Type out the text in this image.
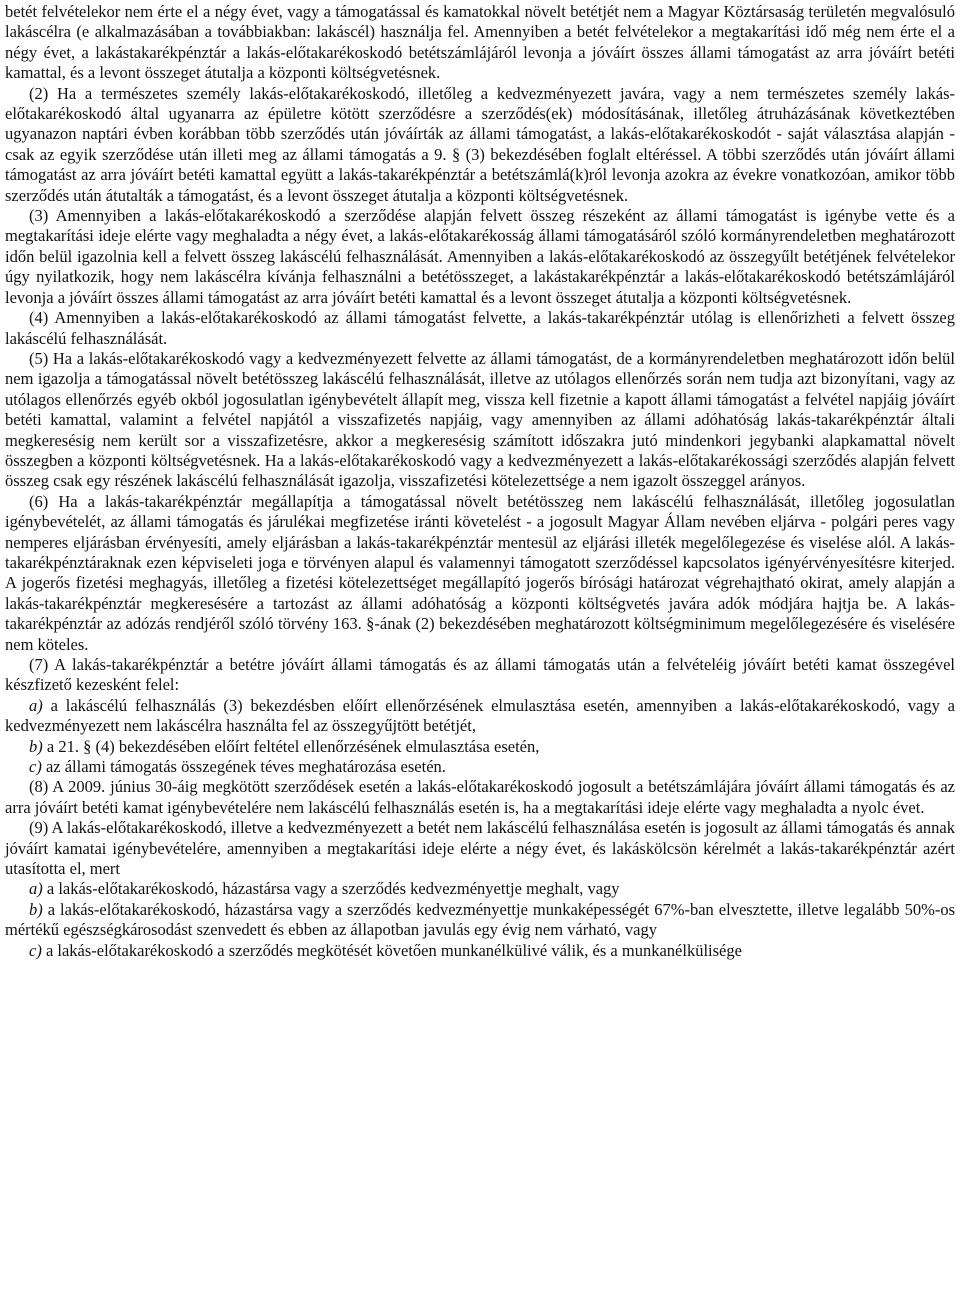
betét felvételekor nem érte el a négy évet, vagy a támogatással és kamatokkal növelt betétjét nem a Magyar Köztársaság területén megvalósuló lakáscélra (e alkalmazásában a továbbiakban: lakáscél) használja fel. Amennyiben a betét felvételekor a megtakarítási idő még nem érte el a négy évet, a lakástakarékpénztár a lakás-előtakarékoskodó betétszámlájáról levonja a jóváírt összes állami támogatást az arra jóváírt betéti kamattal, és a levont összeget átutalja a központi költségvetésnek.

(2) Ha a természetes személy lakás-előtakarékoskodó, illetőleg a kedvezményezett javára, vagy a nem természetes személy lakás-előtakarékoskodó által ugyanarra az épületre kötött szerződésre a szerződés(ek) módosításának, illetőleg átruházásának következtében ugyanazon naptári évben korábban több szerződés után jóváírták az állami támogatást, a lakás-előtakarékoskodót - saját választása alapján - csak az egyik szerződése után illeti meg az állami támogatás a 9. § (3) bekezdésében foglalt eltéréssel. A többi szerződés után jóváírt állami támogatást az arra jóváírt betéti kamattal együtt a lakás-takarékpénztár a betétszámlá(k)ról levonja azokra az évekre vonatkozóan, amikor több szerződés után átutalták a támogatást, és a levont összeget átutalja a központi költségvetésnek.

(3) Amennyiben a lakás-előtakarékoskodó a szerződése alapján felvett összeg részeként az állami támogatást is igénybe vette és a megtakarítási ideje elérte vagy meghaladta a négy évet, a lakás-előtakarékosság állami támogatásáról szóló kormányrendeletben meghatározott időn belül igazolnia kell a felvett összeg lakáscélú felhasználását. Amennyiben a lakás-előtakarékoskodó az összegyűlt betétjének felvételekor úgy nyilatkozik, hogy nem lakáscélra kívánja felhasználni a betétösszeget, a lakástakarékpénztár a lakás-előtakarékoskodó betétszámlájáról levonja a jóváírt összes állami támogatást az arra jóváírt betéti kamattal és a levont összeget átutalja a központi költségvetésnek.

(4) Amennyiben a lakás-előtakarékoskodó az állami támogatást felvette, a lakás-takarékpénztár utólag is ellenőrizheti a felvett összeg lakáscélú felhasználását.

(5) Ha a lakás-előtakarékoskodó vagy a kedvezményezett felvette az állami támogatást, de a kormányrendeletben meghatározott időn belül nem igazolja a támogatással növelt betétösszeg lakáscélú felhasználását, illetve az utólagos ellenőrzés során nem tudja azt bizonyítani, vagy az utólagos ellenőrzés egyéb okból jogosulatlan igénybevételt állapít meg, vissza kell fizetnie a kapott állami támogatást a felvétel napjáig jóváírt betéti kamattal, valamint a felvétel napjától a visszafizetés napjáig, vagy amennyiben az állami adóhatóság lakás-takarékpénztár általi megkeresésig nem került sor a visszafizetésre, akkor a megkeresésig számított időszakra jutó mindenkori jegybanki alapkamattal növelt összegben a központi költségvetésnek. Ha a lakás-előtakarékoskodó vagy a kedvezményezett a lakás-előtakarékossági szerződés alapján felvett összeg csak egy részének lakáscélú felhasználását igazolja, visszafizetési kötelezettsége a nem igazolt összeggel arányos.

(6) Ha a lakás-takarékpénztár megállapítja a támogatással növelt betétösszeg nem lakáscélú felhasználását, illetőleg jogosulatlan igénybevételét, az állami támogatás és járulékai megfizetése iránti követelést - a jogosult Magyar Állam nevében eljárva - polgári peres vagy nemperes eljárásban érvényesíti, amely eljárásban a lakás-takarékpénztár mentesül az eljárási illeték megelőlegezése és viselése alól. A lakás-takarékpénztáraknak ezen képviseleti joga e törvényen alapul és valamennyi támogatott szerződéssel kapcsolatos igényérvényesítésre kiterjed. A jogerős fizetési meghagyás, illetőleg a fizetési kötelezettséget megállapító jogerős bírósági határozat végrehajtható okirat, amely alapján a lakás-takarékpénztár megkeresésére a tartozást az állami adóhatóság a központi költségvetés javára adók módjára hajtja be. A lakás-takarékpénztár az adózás rendjéről szóló törvény 163. §-ának (2) bekezdésében meghatározott költségminimum megelőlegezésére és viselésére nem köteles.

(7) A lakás-takarékpénztár a betétre jóváírt állami támogatás és az állami támogatás után a felvételéig jóváírt betéti kamat összegével készfizető kezesként felel:

a) a lakáscélú felhasználás (3) bekezdésben előírt ellenőrzésének elmulasztása esetén, amennyiben a lakás-előtakarékoskodó, vagy a kedvezményezett nem lakáscélra használta fel az összegyűjtött betétjét,

b) a 21. § (4) bekezdésében előírt feltétel ellenőrzésének elmulasztása esetén,

c) az állami támogatás összegének téves meghatározása esetén.

(8) A 2009. június 30-áig megkötött szerződések esetén a lakás-előtakarékoskodó jogosult a betétszámlájára jóváírt állami támogatás és az arra jóváírt betéti kamat igénybevételére nem lakáscélú felhasználás esetén is, ha a megtakarítási ideje elérte vagy meghaladta a nyolc évet.

(9) A lakás-előtakarékoskodó, illetve a kedvezményezett a betét nem lakáscélú felhasználása esetén is jogosult az állami támogatás és annak jóváírt kamatai igénybevételére, amennyiben a megtakarítási ideje elérte a négy évet, és lakáskölcsön kérelmét a lakás-takarékpénztár azért utasította el, mert

a) a lakás-előtakarékoskodó, házastársa vagy a szerződés kedvezményettje meghalt, vagy

b) a lakás-előtakarékoskodó, házastársa vagy a szerződés kedvezményettje munkaképességét 67%-ban elvesztette, illetve legalább 50%-os mértékű egészségkárosodást szenvedett és ebben az állapotban javulás egy évig nem várható, vagy

c) a lakás-előtakarékoskodó a szerződés megkötését követően munkanélkülivé válik, és a munkanélkülisége
